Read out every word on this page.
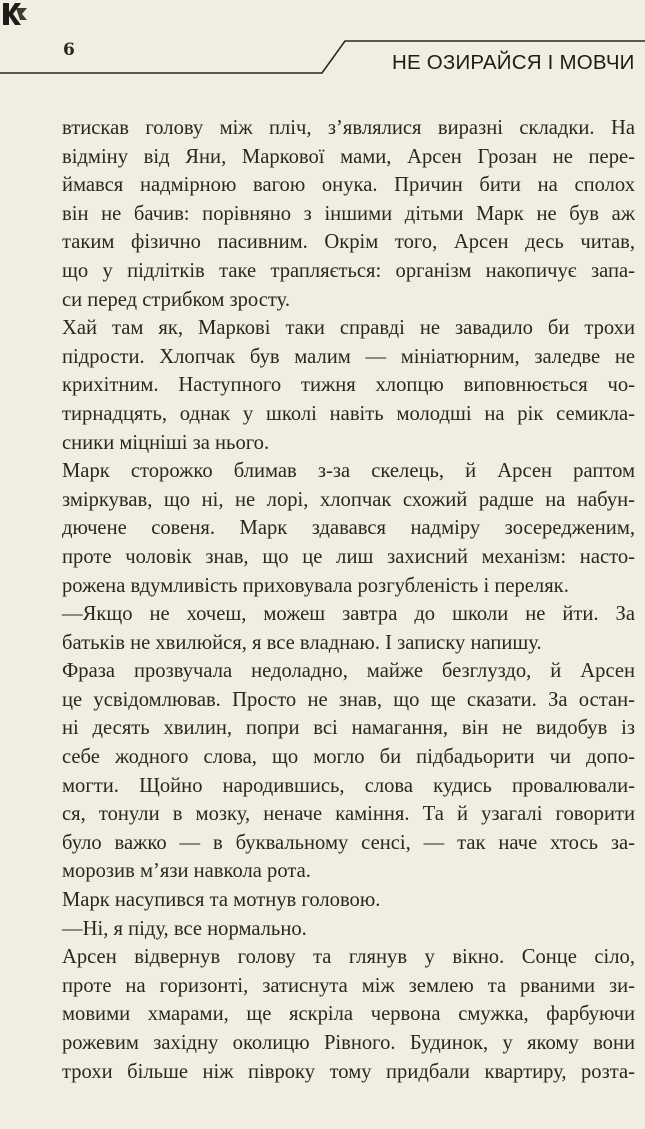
6
НЕ ОЗИРАЙСЯ І МОВЧИ
втискав голову між пліч, з’являлися виразні складки. На
відміну від Яни, Маркової мами, Арсен Грозан не пере-
ймався надмірною вагою онука. Причин бити на сполох
він не бачив: порівняно з іншими дітьми Марк не був аж
таким фізично пасивним. Окрім того, Арсен десь читав,
що у підлітків таке трапляється: організм накопичує запа-
си перед стрибком зросту.
Хай там як, Маркові таки справді не завадило би трохи
підрости. Хлопчак був малим — мініатюрним, заледве не
крихітним. Наступного тижня хлопцю виповнюється чо-
тирнадцять, однак у школі навіть молодші на рік семикла-
сники міцніші за нього.
Марк сторожко блимав з-за скелець, й Арсен раптом
зміркував, що ні, не лорі, хлопчак схожий радше на набун-
дючене совеня. Марк здавався надміру зосередженим,
проте чоловік знав, що це лиш захисний механізм: насто-
рожена вдумливість приховувала розгубленість і переляк.
—Якщо не хочеш, можеш завтра до школи не йти. За
батьків не хвилюйся, я все владнаю. І записку напишу.
Фраза прозвучала недоладно, майже безглуздо, й Арсен
це усвідомлював. Просто не знав, що ще сказати. За остан-
ні десять хвилин, попри всі намагання, він не видобув із
себе жодного слова, що могло би підбадьорити чи допо-
могти. Щойно народившись, слова кудись провалювали-
ся, тонули в мозку, неначе каміння. Та й узагалі говорити
було важко — в буквальному сенсі, — так наче хтось за-
морозив м’язи навкола рота.
Марк насупився та мотнув головою.
—Ні, я піду, все нормально.
Арсен відвернув голову та глянув у вікно. Сонце сіло,
проте на горизонті, затиснута між землею та рваними зи-
мовими хмарами, ще яскріла червона смужка, фарбуючи
рожевим західну околицю Рівного. Будинок, у якому вони
трохи більше ніж півроку тому придбали квартиру, розта-
